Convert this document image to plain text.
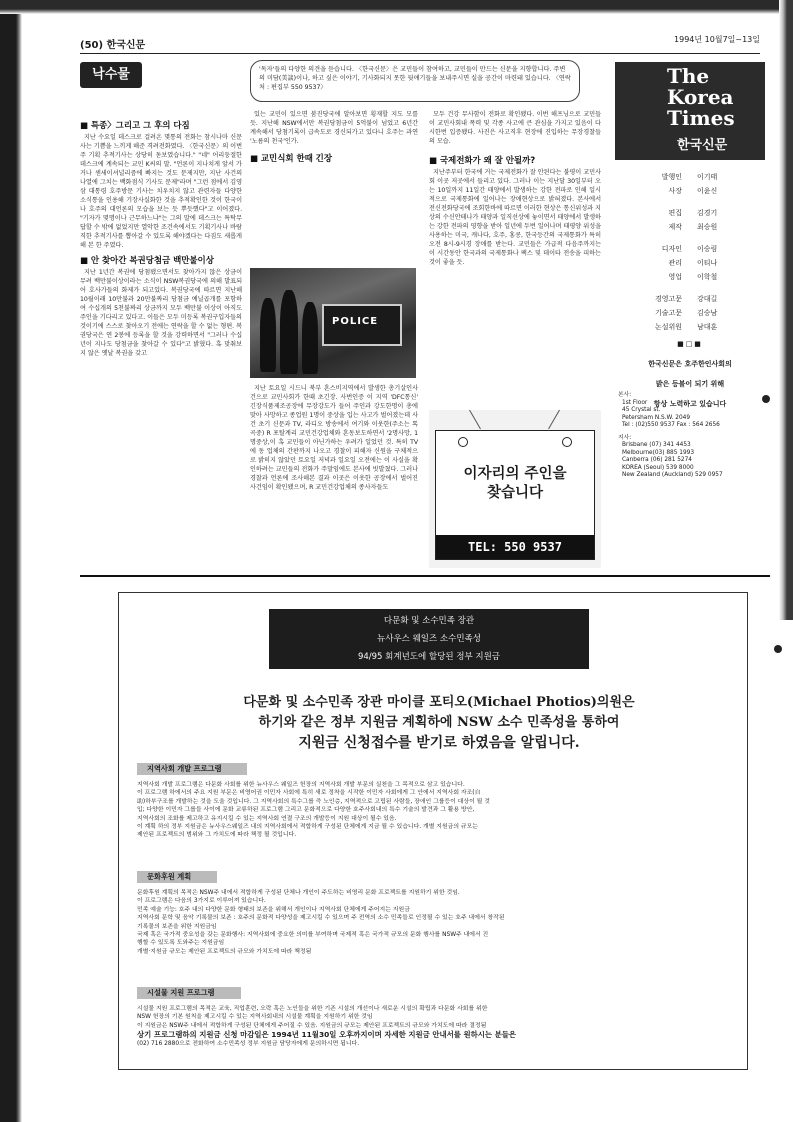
(50) 한국신문
1994년 10월7일~13일
낙수물	'독자'들의 다양한 의견을 듣습니다. 〈한국신문〉은 교민들이 참여하고, 교민들이 만드는 신문을 지향합니다. 주변의 미담(美談)이나, 하고 싶은 이야기, 기사화되지 못한 뒷얘기들을 보내주시면 실을 공간이 마련돼 있습니다. 〈연락처 : 편집부 550 9537〉
■ 특종〉그리고 그 후의 다짐

지난 수요일 데스크로 걸려온 몇통의 전화는 참시나마 신문사는 기쁨을 느끼게 해준 격려전화였다. 〈한국신문〉의 이번주 기획 추적기사는 상당히 돋보였습니다." "네" 어리둥절한 데스크에 계속되는 교민 K씨의 말. "언론이 지나치게 앞서 가거나 센세이셔널리즘에 빠지는 것도 문제지만, 지난 사건의 나열에 그치는 백화점식 기사도 문제"라며 "그런 점에서 김영삼 대통령 호주방문 기사는 치우치지 않고 관련자들 다양한 소식통을 인용해 기장사실화한 것을 추적확인한 것이 한국이나 호주의 대언론의 모습을 보는 듯 뿌듯했다"고 이어졌다. "기자가 몇명이나 근무하느냐"는 그의 말에 데스크는 특탁무답할 수 밖에 없었지만 열악한 조건속에서도 기획기사나 바람직한 추적기사를 뽑아갈 수 있도록 해야겠다는 다짐도 새롭게 해 본 한 주였다.

■ 안 찾아간 복권당첨금 백만불이상

지난 1년간 복권에 당첨됐으면서도 찾아가지 않은 상금이 무려 백만불이상이라는 소식이 NSW복권당국에 의해 발표되어 호사가들의 화제가 되고있다. 복권당국에 따르면 지난해 10월이래 10만불과 20만불짜리 당첨금 예닐곱개를 포함하여 수십개의 5천불짜리 상금까지 모두 백만불 이상이 아직도 주인을 기다리고 있다고. 이들은 모두 미등록 복권구입자들의 것이기에 스스로 찾아오기 전에는 연락을 할 수 없는 형편. 복권당국은 연 2봉에 등록을 할 것을 강력하면서 "그러나 수십년이 지나도 당첨금을 찾아갈 수 있다"고 밝혔다. 혹 맞춰보지 않은 옛날 복권을 갖고

있는 교민이 있으면 붐진당국에 알아보면 횡재할 지도 모를 듯. 지난해 NSW에서만 복권당첨금이 5억불이 넘었고 6년간 계속해서 당첨기록이 급속도로 경신되가고 있다니 호주는 과연 '노름의 천국'인가.

■ 교민식회 한때 긴장
POLICE

지난 토요일 시드니 북부 혼스비지역에서 발생한 총기살인사건으로 교민사회가 한때 초긴장. 사번인증 이 지역 'DFC통신' 긴장식품제조공장에 무장강도가 들어 주인과 강도한명이 총에 맞아 사망하고 종업원 1명이 중상을 입는 사고가 벌어졌는데 사건 초기 신문과 TV, 라디오 방송에서 여기와 이웃한(주소는 톡곡중) R 포탈계리 교민건강업체와 혼동보도하면서 '2명사망, 1명중상,이 혹 교민들이 아닌가하는 우려가 일었던 것. 특히 TV에 동 업체의 간판까지 나오고 경찰이 피해자 신원을 구체적으로 밝히지 않았던 토요일 저녁과 일요일 오전에는 이 사실을 확인하려는 교민들의 전화가 주말임에도 본사에 빗발쳤다. 그러나 경찰과 언론에 조사해본 결과 이곳은 이웃한 공장에서 벌어진 사건임이 확인됐으며, R 교민건강업체의 종사자들도

모두 건강 무사함이 전화로 확인됐다. 이번 해프닝으로 교민들이 교민사회내 폭력 및 각종 사고에 큰 관심을 가지고 있음이 다시한번 입증됐다. 사진은 사고직후 현장에 진입하는 무장경찰들의 모습.

■ 국제전화가 왜 잘 안될까?

지난주부터 한국에 거는 국제전화가 잘 안된다는 불평이 교민사회 이곳 저곳에서 들리고 있다. 그러나 이는 지난달 30일부터 오는 10일까지 11일간 태양에서 발생하는 강한 전파로 인해 일시적으로 국제통화에 일어나는 장애현상으로 밝혀졌다. 본사에서 전신전화당국에 조회한바에 따르면 이러한 현상은 통신위성과 지상의 수신안테나가 태양과 일직선상에 놓이면서 태양에서 발생하는 강한 전파의 영향을 받아 일년에 두번 일어나며 태평양 위성을 사용하는 미국, 캐나다, 호주, 홍콩, 한국등간의 국제통화가 특히 오전 8시-9시경 장애를 받는다. 교민들은 가급적 다음주까지는 이 시간동안 한국과의 국제통화나 팩스 및 데이타 전송을 피하는 것이 좋을 듯.

이자리의 주인을
찾습니다
TEL: 550 9537
The
Korea
Times
한국신문
발행인 이기태
사장 이윤신
편집 김경기
제작 최승원
디자인 이승림
관리 이티나
영업 이학철
경영고문 강대길
기술고문 김승남
논설위원 남대훈
■□■
한국신문은 호주한인사회의
밝은 등불이 되기 위해
항상 노력하고 있습니다
본사:
1st Floor
45 Crystal st.
Petersham N.S.W. 2049
Tel : (02)550 9537 Fax : 564 2656
지사:
Brisbane (07) 341 4453
Melbourne(03) 885 1993
Canberra (06) 281 5274
KOREA (Seoul) 539 8000
New Zealand (Auckland) 529 0957
다문화 및 소수민족 장관
뉴사우스 웨일즈 소수민족성
94/95 회계년도에 할당된 정부 지원금
다문화 및 소수민족 장관 마이클 포티오(Michael Photios)의원은
하기와 같은 정부 지원금 계획하에 NSW 소수 민족성을 통하여
지원금 신청접수를 받기로 하였음을 알립니다.
지역사회 개발 프로그램

지역사회 개발 프로그램은 다문화 사회를 위한 뉴사우스 웨일즈 헌장의 지역사회 개발 부문의 실천을 그 목적으로 삼고 있습니다.

이 프로그램 하에서의 주요 지원 부문은 비영어권 이민자 사회에 특히 새로 정착을 시작한 이민자 사회에게 그 안에서 지역사회 자조(自

助)하부구조를 개발하는 것을 도울 것입니다. 그 지역사회의 특수그룹 즉 노인층, 지역적으로 고립된 사람들, 장애인 그룹등이 대상이 될 것

입; 다양한 이민자 그룹들 사이에 문화 교류하된 프로그램 그리고 문화적으로 다양한 호주사회내의 특수 기술의 발견과 그 활용 방안,

지역사회의 조화를 제고하고 유지시킬 수 있는 지역사회 연결 구조의 개발등이 지원 대상이 될수 있음.

이 계획 하의 정부 지원금은 뉴사우스웨일즈 내의 지역사회에서 적합하게 구성된 단체에게 지금 될 수 있습니다. 개별 지원금의 규모는

제안된 프로젝트의 범위와 그 가치도에 따라 책정 될 것입니다.

문화후원 계획

문화후원 계획의 목적은 NSW주 내에서 적합하게 구성된 단체나 개인이 주도하는 비영리 문화 프로젝트를 지원하기 위한 것임.

이 프로그램은 다음의 3가지로 이루어져 있습니다.

민족 예술 기능: 호주 내의 다양한 문화 형태의 보존을 위해서 개인이나 지역사회 단체에게 주어지는 지원금

지역사회 문학 및 음악 기록물의 보존 : 호주의 문화적 다양성을 제고시킬 수 있으며 주 전역의 소수 민족들로 인정될 수 있는 호주 내에서 창작된

기록물의 보존을 위한 지원금임

국제 혹은 국가적 중요성을 갖는 문화행사: 지역사회에 중요한 의미를 부여하며 국제적 혹은 국가적 규모의 문화 행사를 NSW주 내에서 진

행할 수 있도록 도와주는 지원금임

개별·지원금 규모는 제안된 프로젝트의 규모와 가치도에 따라 책정됨

시설물 지원 프로그램

시설물 지원 프로그램의 목적은 교육, 직업훈련, 오락 혹은 노인들을 위한 기존 시설의 개선이나 새로운 시설의 확립과 다문화 사회를 위한

NSW 헌장의 기본 원칙을 제고시킬 수 있는 지역사회내의 시설물 계획을 지원하기 위한 것임

이 지원금은 NSW주 내에서 적합하게 구성된 단체에게 주어질 수 있음. 지원금의 규모는 제안된 프로젝트의 규모와 가치도에 따라 결정됨

상기 프로그램하의 지원금 신청 마감일은 1994년 11월30일 오후까지이며 자세한 지원금 안내서를 원하시는 분들은

(02) 716 2880으로 전화하여 소수민족성 정부 지원금 담당자에게 문의하시면 됩니다.
